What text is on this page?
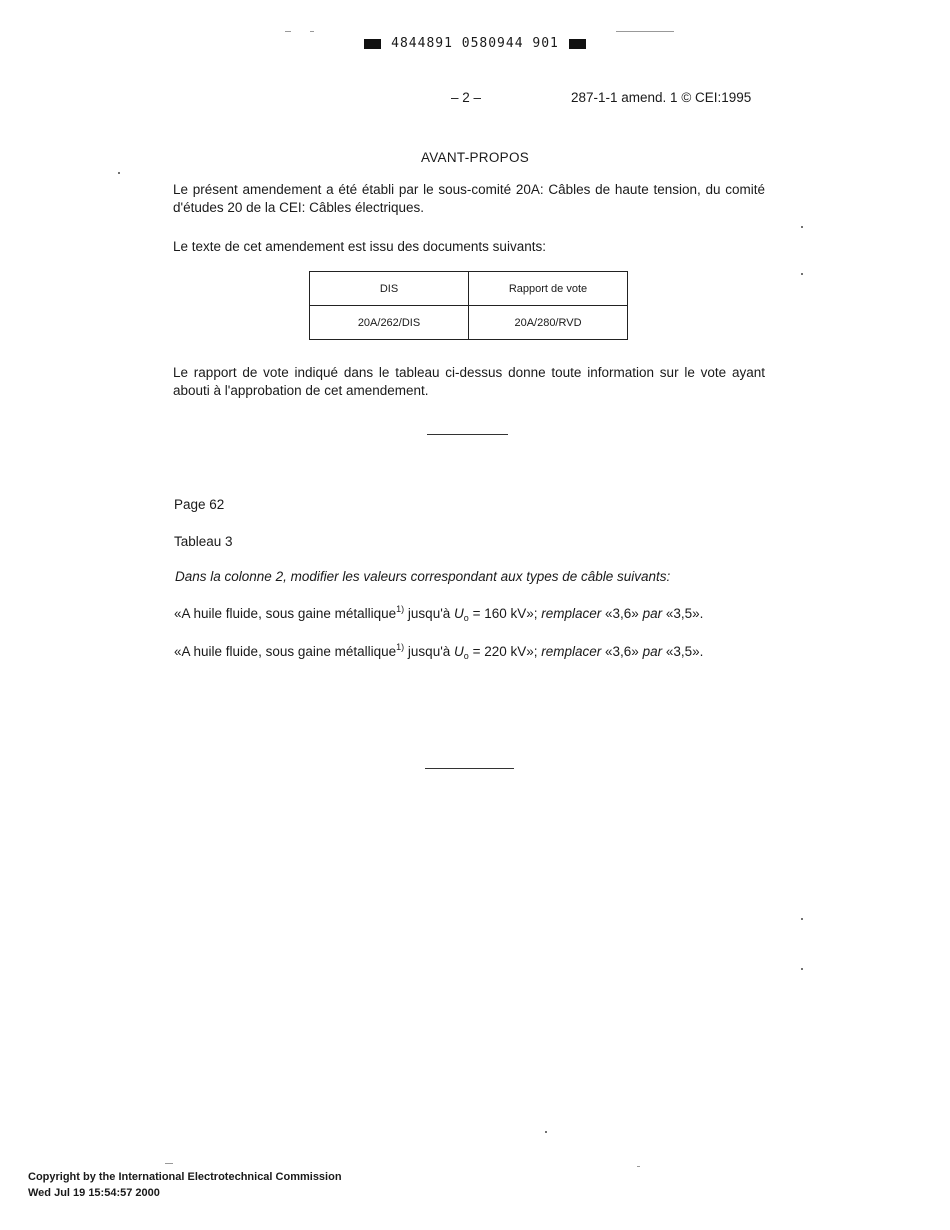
4844891 0580944 901
– 2 –	287-1-1 amend. 1 © CEI:1995
AVANT-PROPOS

Le présent amendement a été établi par le sous-comité 20A: Câbles de haute tension, du comité d'études 20 de la CEI: Câbles électriques.

Le texte de cet amendement est issu des documents suivants:

DIS	Rapport de vote
20A/262/DIS	20A/280/RVD

Le rapport de vote indiqué dans le tableau ci-dessus donne toute information sur le vote ayant abouti à l'approbation de cet amendement.

Page 62
Tableau 3
Dans la colonne 2, modifier les valeurs correspondant aux types de câble suivants:
«A huile fluide, sous gaine métallique$^{1)}$ jusqu'à $U_o = 160$ kV»; remplacer «3,6» par «3,5».
«A huile fluide, sous gaine métallique$^{1)}$ jusqu'à $U_o = 220$ kV»; remplacer «3,6» par «3,5».
Copyright by the International Electrotechnical Commission
Wed Jul 19 15:54:57 2000
